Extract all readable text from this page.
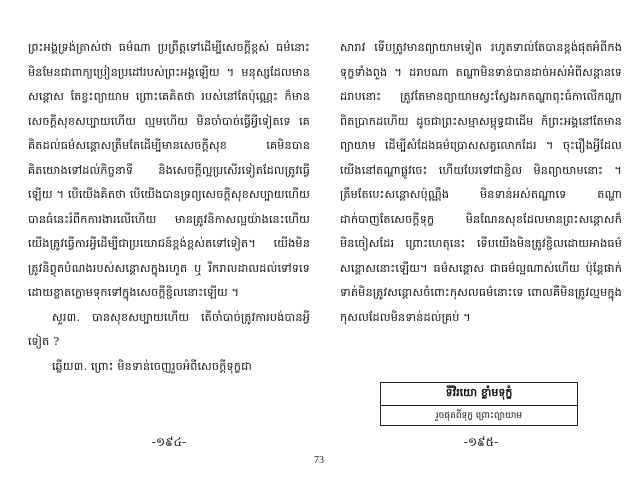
ព្រះអង្គទ្រង់ត្រាស់ថា ធម៌ណា ប្រព្រឹត្តទៅដើម្បីសេចក្តីខ្ពស់ ធម៌នោះមិនមែនជាពាក្យប្រៀនប្រដៅរបស់ព្រះអង្គឡើយ ។ មនុស្សដែលមានសន្តោស តែខ្វះព្យាយាម ព្រោះគេគិតថា របស់នៅតែប៉ុណ្ណេះ ក៏មានសេចក្តីសុខសប្បាយហើយ ល្មមហើយ មិនចាំបាច់ធ្វើអ្វីទៀតទេ គេគិតដល់ធម៌សន្តោសត្រឹមតែដើម្បីមានសេចក្តីសុខ គេមិនបានគិតយោងទៅដល់កិច្ចនាទី និងសេចក្តីល្អប្រសើរទៀតដែលត្រូវធ្វើឡើយ ។ បើយើងគិតថា បើយើងបានទ្រព្យសេចក្តីសុខសប្បាយហើយ បានធំនេះរំពឹកការងារលើហើយ មានត្រូវនិកាសល្អយ៉ាងនេះហើយ យើងត្រូវធ្វើការអ្វីដើម្បីជាប្រយោជន៍ខ្ពង់ខ្ពស់តទៅទៀត។ យើងមិនត្រូវនិព្វុតបំណងរបស់សន្តោសក្នុងរហូត ឬ រីករាលដាលដល់ទៅទទេ ដោយខ្លាតក្លោមទុកទៅក្នុងសេចក្តីខ្ជិលនោះឡើយ ។

សួរ៣. បានសុខសប្បាយហើយ តើចាំបាច់ត្រូវការបង់បានអ្វីទៀត ?

ឆ្លើយ៣. ព្រោះ មិនទាន់ចេញរួចអំពីសេចក្តីទុក្ខជា

-១៩៤-

សារាវ ទើបត្រូវមានព្យាយាមទៀត រហូតទាល់តែបានខ្ពង់ផុតអំពីកងទុក្ខទាំងពួង ។ ដរាបណា តណ្ហាមិនទាន់បានដាច់អស់អំពីសន្តានទេ ដរាបនោះ ត្រូវតែមានព្យាយាមស្វះស្វែងរកតណ្ហាពុះធំកាលើកណ្ហា ពិតប្រាកដហើយ ដូចជាព្រះសម្មាសម្ពុទ្ធជាដើម ក៏ព្រះអង្គនៅតែមានព្យាយាម ដើម្បីសំដែងធម៌ប្រោសសត្វលោកដែរ ។ ចុះរឿងអ្វីដែលយើងនៅតណ្ហាផ្លូវចេះ ហើយបែរទៅជាខ្ជិល មិនព្យាយាមនោះ ។ ត្រឹមតែបេះសន្តោសប៉ុណ្ណឹង មិនទាន់អស់តណ្ហាទេ តណ្ហាដាក់បាញតែសេចក្តីទុក្ខ មិនណែនសុខដែលមានព្រះសន្តោសក៏មិនចៀសដែរ ព្រោះហេតុនេះ ទើបយើងមិនត្រូវខ្ជិលដោយអាងធម៌សន្តោសនោះឡើយ។ ធម៌សន្តោស ជាធម៌ល្អណាស់ហើយ ប៉ុន្តែផាក់ទាត់មិនត្រូវសន្តោសចំពោះកុសលធម៌នោះទេ ពោលគឺមិនត្រូវល្មមក្នុងកុសលដែលមិនទាន់ដល់គ្រប់ ។

ទីវិរយោ ខ្លាំមទុក្ខំ
រួចផុតពីទុក្ខ ព្រោះព្យាយាម
-១៩៥-
73
